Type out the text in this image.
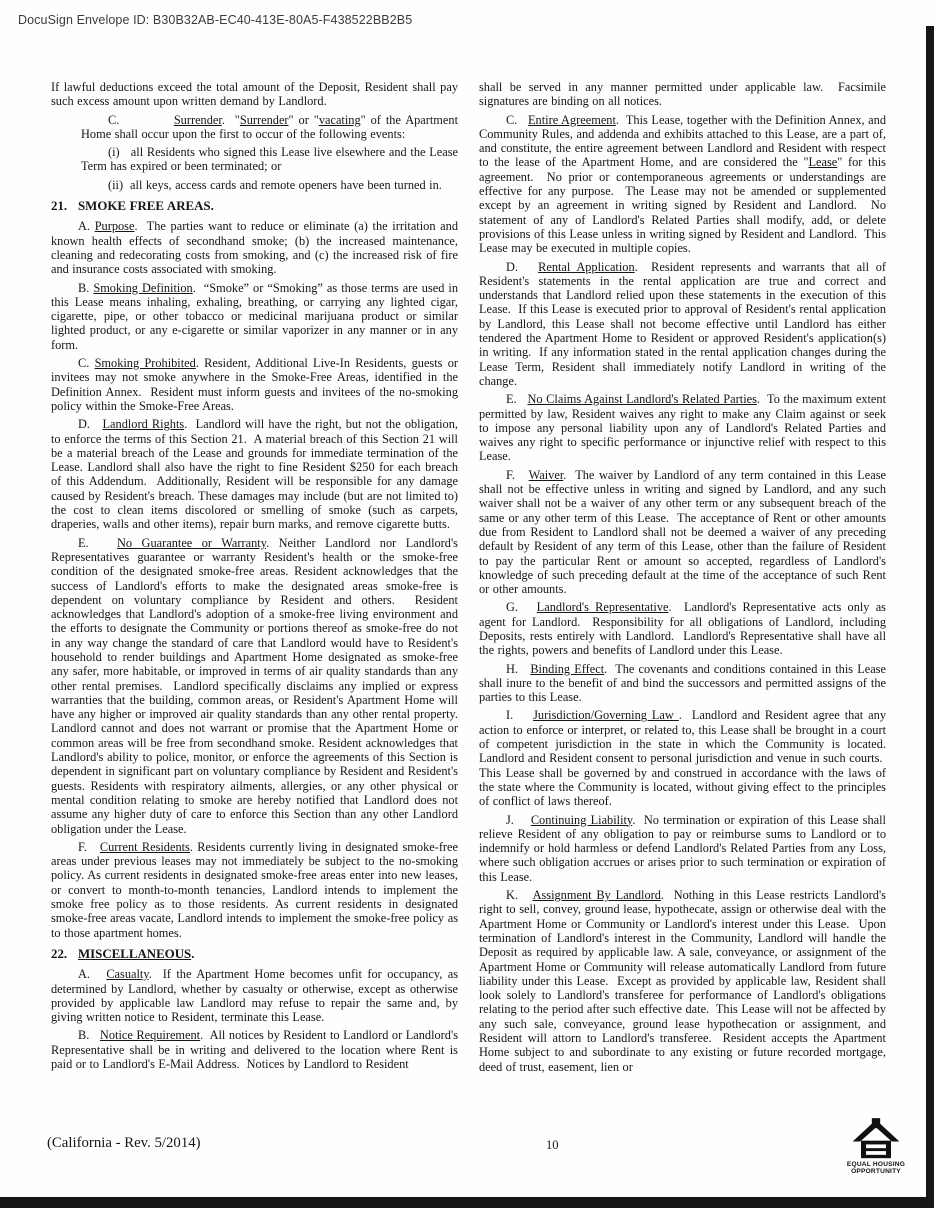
DocuSign Envelope ID: B30B32AB-EC40-413E-80A5-F438522BB2B5

If lawful deductions exceed the total amount of the Deposit, Resident shall pay such excess amount upon written demand by Landlord.

C.           Surrender.  "Surrender" or "vacating" of the Apartment Home shall occur upon the first to occur of the following events:

(i)   all Residents who signed this Lease live elsewhere and the Lease Term has expired or been terminated; or

(ii)  all keys, access cards and remote openers have been turned in.

21. SMOKE FREE AREAS.

A. Purpose.  The parties want to reduce or eliminate (a) the irritation and known health effects of secondhand smoke; (b) the increased maintenance, cleaning and redecorating costs from smoking, and (c) the increased risk of fire and insurance costs associated with smoking.

B. Smoking Definition.  “Smoke” or “Smoking” as those terms are used in this Lease means inhaling, exhaling, breathing, or carrying any lighted cigar, cigarette, pipe, or other tobacco or medicinal marijuana product or similar lighted product, or any e-cigarette or similar vaporizer in any manner or in any form.

C. Smoking Prohibited. Resident, Additional Live-In Residents, guests or invitees may not smoke anywhere in the Smoke-Free Areas, identified in the Definition Annex.  Resident must inform guests and invitees of the no-smoking policy within the Smoke-Free Areas.

D.   Landlord Rights.  Landlord will have the right, but not the obligation, to enforce the terms of this Section 21.  A material breach of this Section 21 will be a material breach of the Lease and grounds for immediate termination of the Lease. Landlord shall also have the right to fine Resident $250 for each breach of this Addendum.  Additionally, Resident will be responsible for any damage caused by Resident's breach. These damages may include (but are not limited to) the cost to clean items discolored or smelling of smoke (such as carpets, draperies, walls and other items), repair burn marks, and remove cigarette butts.

E.   No Guarantee or Warranty. Neither Landlord nor Landlord's Representatives guarantee or warranty Resident's health or the smoke-free condition of the designated smoke-free areas. Resident acknowledges that the success of Landlord's efforts to make the designated areas smoke-free is dependent on voluntary compliance by Resident and others.  Resident acknowledges that Landlord's adoption of a smoke-free living environment and the efforts to designate the Community or portions thereof as smoke-free do not in any way change the standard of care that Landlord would have to Resident's household to render buildings and Apartment Home designated as smoke-free any safer, more habitable, or improved in terms of air quality standards than any other rental premises.  Landlord specifically disclaims any implied or express warranties that the building, common areas, or Resident's Apartment Home will have any higher or improved air quality standards than any other rental property. Landlord cannot and does not warrant or promise that the Apartment Home or common areas will be free from secondhand smoke. Resident acknowledges that Landlord's ability to police, monitor, or enforce the agreements of this Section is dependent in significant part on voluntary compliance by Resident and Resident's guests. Residents with respiratory ailments, allergies, or any other physical or mental condition relating to smoke are hereby notified that Landlord does not assume any higher duty of care to enforce this Section than any other Landlord obligation under the Lease.

F.   Current Residents. Residents currently living in designated smoke-free areas under previous leases may not immediately be subject to the no-smoking policy. As current residents in designated smoke-free areas enter into new leases, or convert to month-to-month tenancies, Landlord intends to implement the smoke free policy as to those residents. As current residents in designated smoke-free areas vacate, Landlord intends to implement the smoke-free policy as to those apartment homes.

22. MISCELLANEOUS.

A.   Casualty.  If the Apartment Home becomes unfit for occupancy, as determined by Landlord, whether by casualty or otherwise, except as otherwise provided by applicable law Landlord may refuse to repair the same and, by giving written notice to Resident, terminate this Lease.

B.   Notice Requirement.  All notices by Resident to Landlord or Landlord's Representative shall be in writing and delivered to the location where Rent is paid or to Landlord's E-Mail Address.  Notices by Landlord to Resident

shall be served in any manner permitted under applicable law.  Facsimile signatures are binding on all notices.

C.   Entire Agreement.  This Lease, together with the Definition Annex, and Community Rules, and addenda and exhibits attached to this Lease, are a part of, and constitute, the entire agreement between Landlord and Resident with respect to the lease of the Apartment Home, and are considered the "Lease" for this agreement.  No prior or contemporaneous agreements or understandings are effective for any purpose.  The Lease may not be amended or supplemented except by an agreement in writing signed by Resident and Landlord.  No statement of any of Landlord's Related Parties shall modify, add, or delete provisions of this Lease unless in writing signed by Resident and Landlord.  This Lease may be executed in multiple copies.

D.   Rental Application.  Resident represents and warrants that all of Resident's statements in the rental application are true and correct and understands that Landlord relied upon these statements in the execution of this Lease.  If this Lease is executed prior to approval of Resident's rental application by Landlord, this Lease shall not become effective until Landlord has either tendered the Apartment Home to Resident or approved Resident's application(s) in writing.  If any information stated in the rental application changes during the Lease Term, Resident shall immediately notify Landlord in writing of the change.

E.   No Claims Against Landlord's Related Parties.  To the maximum extent permitted by law, Resident waives any right to make any Claim against or seek to impose any personal liability upon any of Landlord's Related Parties and waives any right to specific performance or injunctive relief with respect to this Lease.

F.   Waiver.  The waiver by Landlord of any term contained in this Lease shall not be effective unless in writing and signed by Landlord, and any such waiver shall not be a waiver of any other term or any subsequent breach of the same or any other term of this Lease.  The acceptance of Rent or other amounts due from Resident to Landlord shall not be deemed a waiver of any preceding default by Resident of any term of this Lease, other than the failure of Resident to pay the particular Rent or amount so accepted, regardless of Landlord's knowledge of such preceding default at the time of the acceptance of such Rent or other amounts.

G.   Landlord's Representative.  Landlord's Representative acts only as agent for Landlord.  Responsibility for all obligations of Landlord, including Deposits, rests entirely with Landlord.  Landlord's Representative shall have all the rights, powers and benefits of Landlord under this Lease.

H.   Binding Effect.  The covenants and conditions contained in this Lease shall inure to the benefit of and bind the successors and permitted assigns of the parties to this Lease.

I.    Jurisdiction/Governing Law .  Landlord and Resident agree that any action to enforce or interpret, or related to, this Lease shall be brought in a court of competent jurisdiction in the state in which the Community is located. Landlord and Resident consent to personal jurisdiction and venue in such courts.  This Lease shall be governed by and construed in accordance with the laws of the state where the Community is located, without giving effect to the principles of conflict of laws thereof.

J.    Continuing Liability.  No termination or expiration of this Lease shall relieve Resident of any obligation to pay or reimburse sums to Landlord or to indemnify or hold harmless or defend Landlord's Related Parties from any Loss, where such obligation accrues or arises prior to such termination or expiration of this Lease.

K.   Assignment By Landlord.  Nothing in this Lease restricts Landlord's right to sell, convey, ground lease, hypothecate, assign or otherwise deal with the Apartment Home or Community or Landlord's interest under this Lease.  Upon termination of Landlord's interest in the Community, Landlord will handle the Deposit as required by applicable law. A sale, conveyance, or assignment of the Apartment Home or Community will release automatically Landlord from future liability under this Lease.  Except as provided by applicable law, Resident shall look solely to Landlord's transferee for performance of Landlord's obligations relating to the period after such effective date.  This Lease will not be affected by any such sale, conveyance, ground lease hypothecation or assignment, and Resident will attorn to Landlord's transferee.  Resident accepts the Apartment Home subject to and subordinate to any existing or future recorded mortgage, deed of trust, easement, lien or

(California - Rev. 5/2014)	10
EQUAL HOUSING
OPPORTUNITY
